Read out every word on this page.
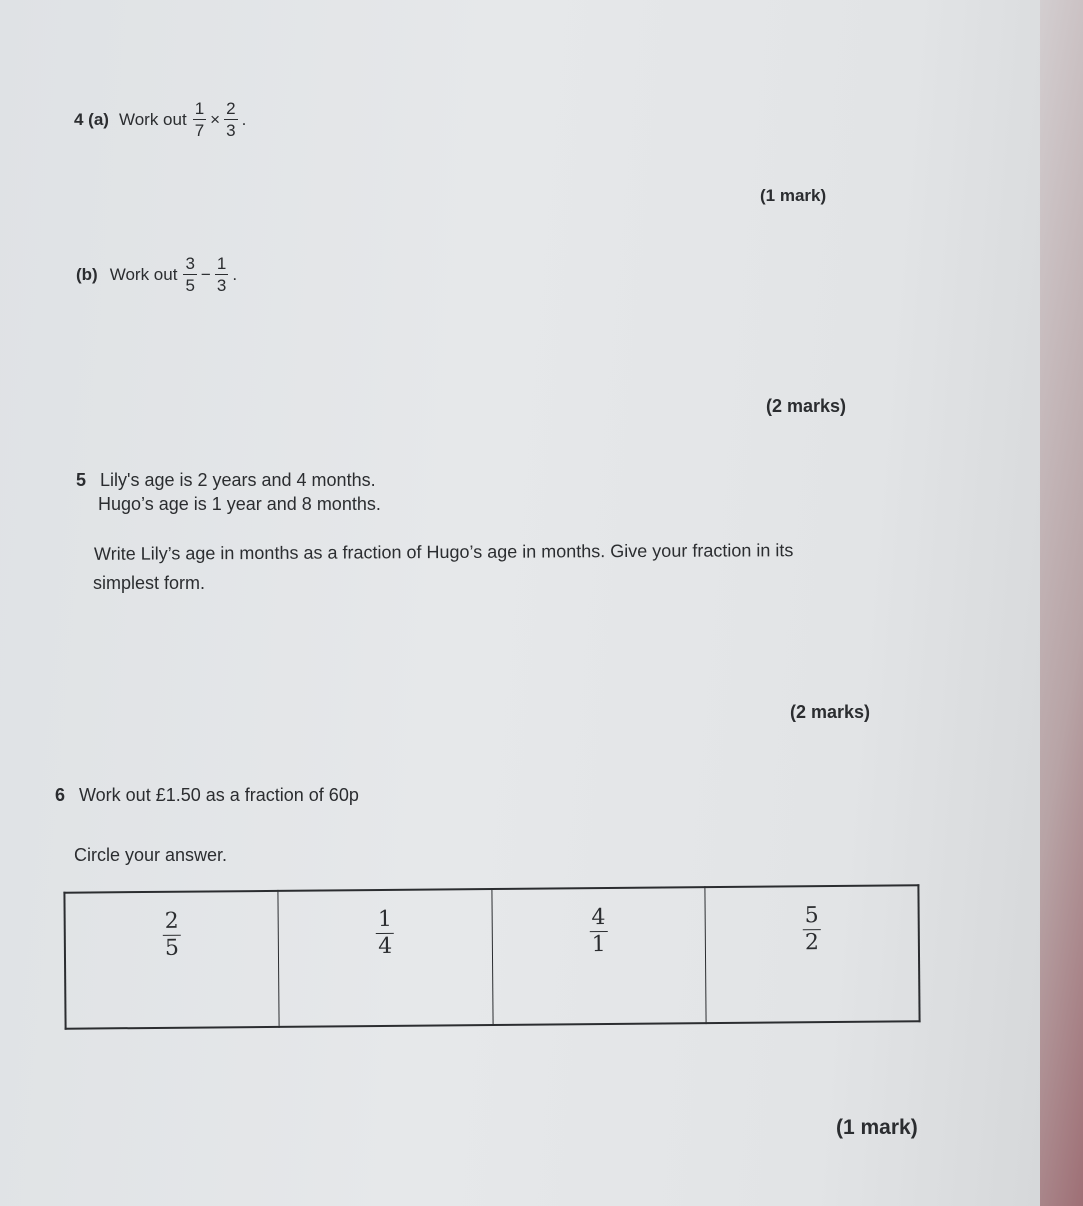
4 (a) Work out $\frac{1}{7} \times \frac{2}{3}$ .
(1 mark)
(b) Work out $\frac{3}{5} - \frac{1}{3}$ .
(2 marks)
5 Lily's age is 2 years and 4 months.
Hugo’s age is 1 year and 8 months.
Write Lily’s age in months as a fraction of Hugo’s age in months. Give your fraction in its
simplest form.
(2 marks)
6 Work out £1.50 as a fraction of 60p
Circle your answer.
$\frac{2}{5}$	$\frac{1}{4}$	$\frac{4}{1}$	$\frac{5}{2}$
(1 mark)
